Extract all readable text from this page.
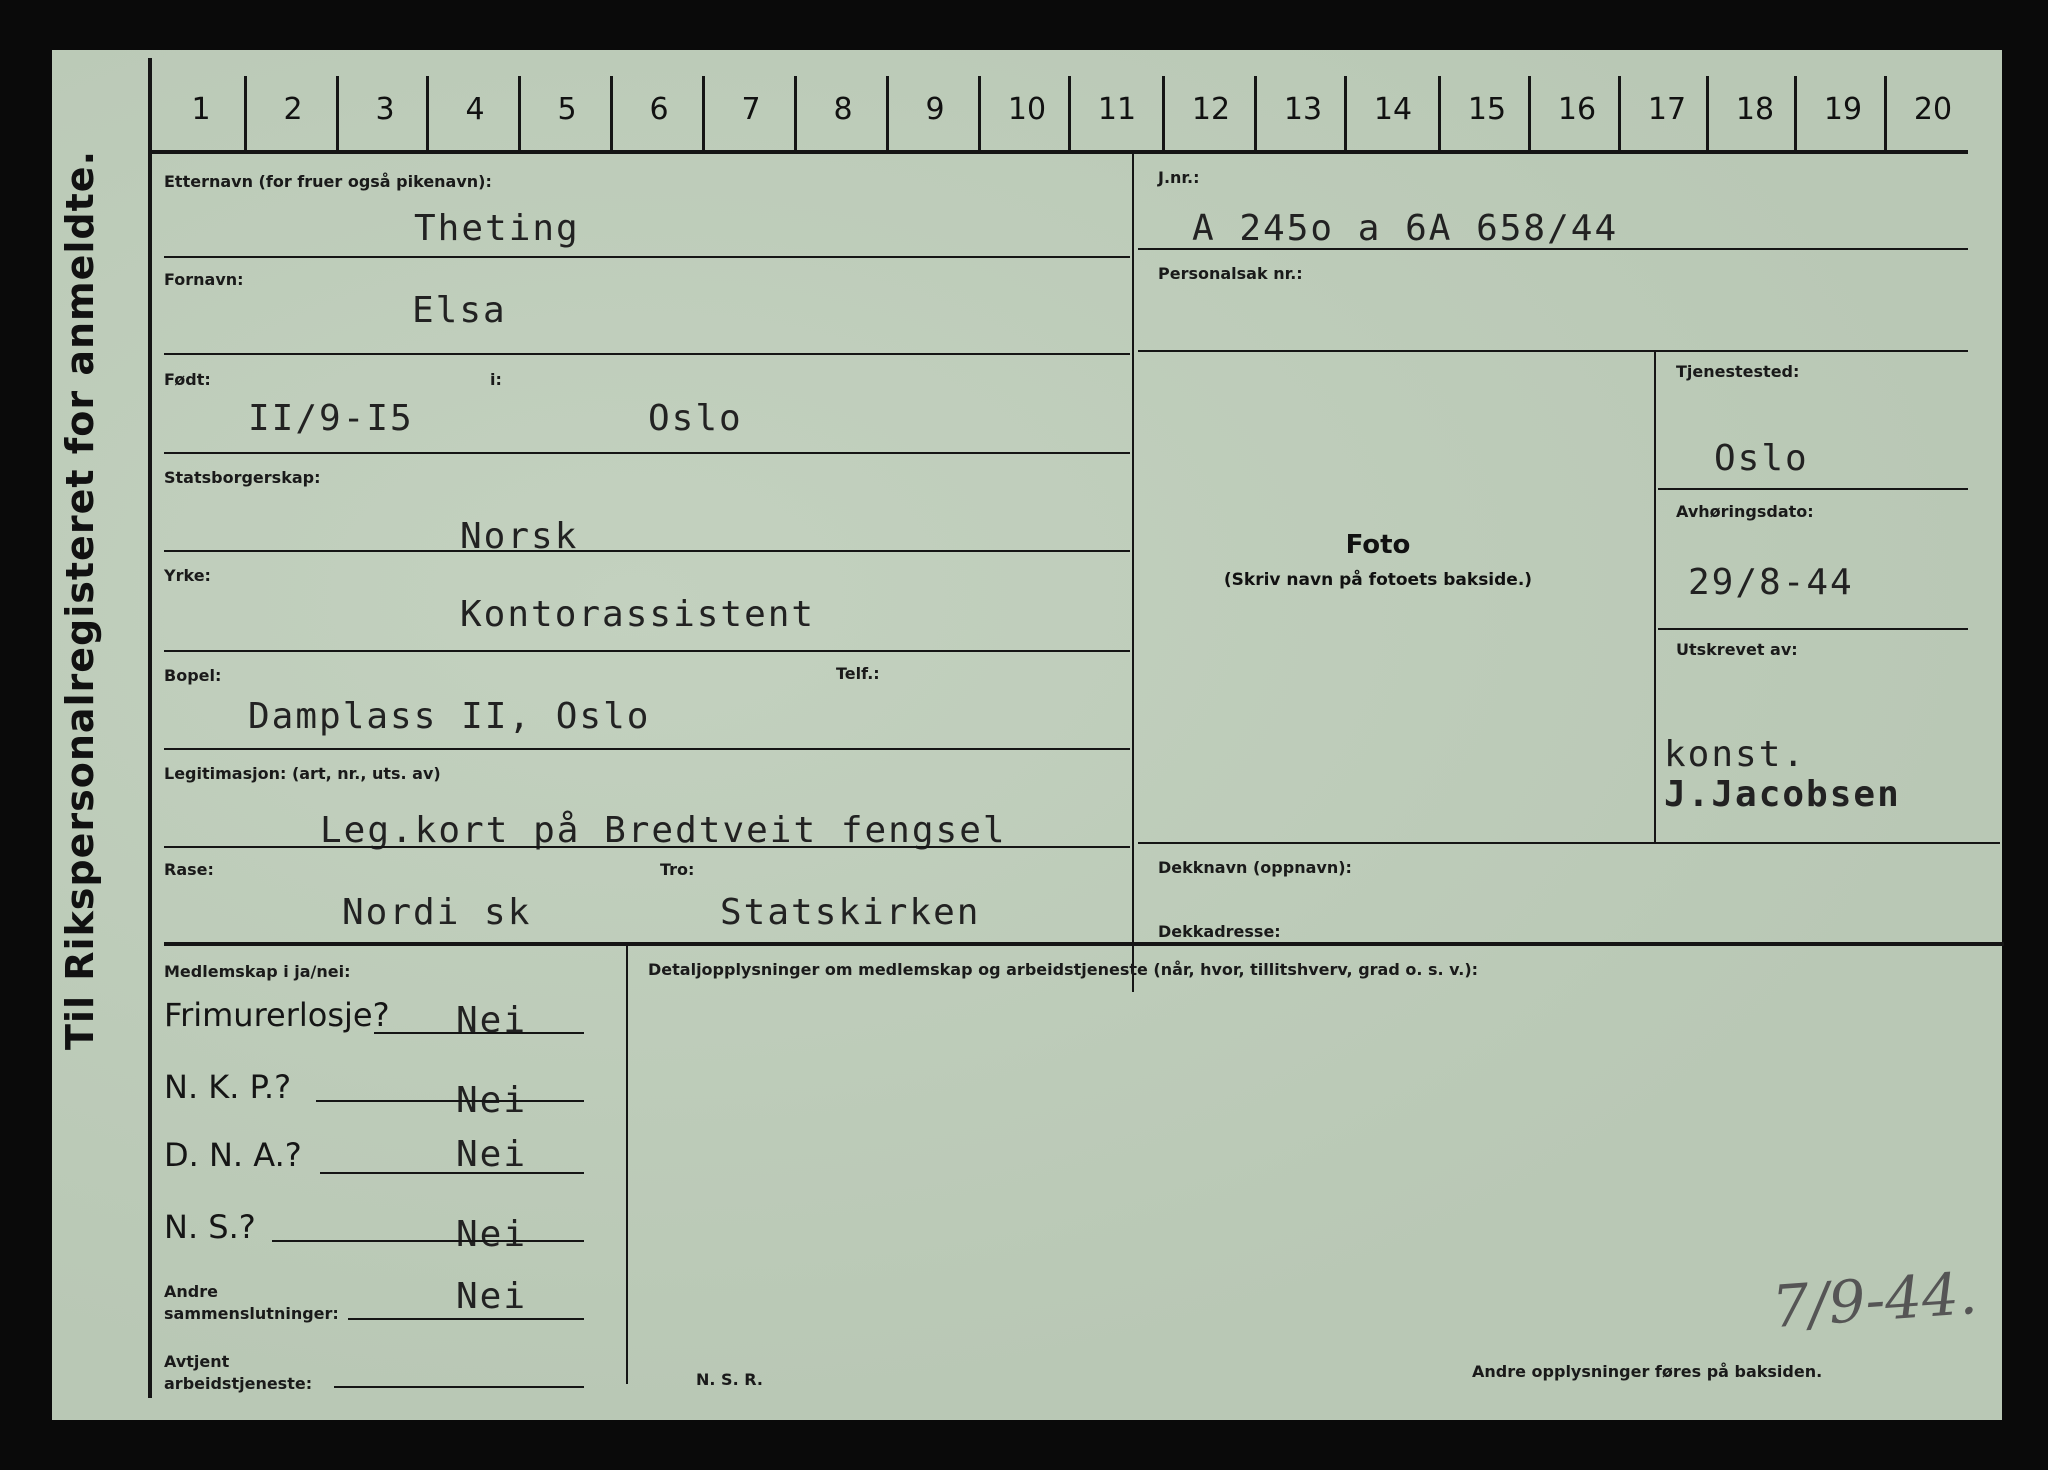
Til Rikspersonalregisteret for anmeldte.
1	2	3	4	5	6	7	8	9	10	11	12	13	14	15	16	17	18	19	20
Etternavn (for fruer også pikenavn):
Theting
Fornavn:
Elsa
Født:
II/9-I5
i:
Oslo
Statsborgerskap:
Norsk
Yrke:
Kontorassistent
Bopel:	Telf.:
Damplass II, Oslo
Legitimasjon: (art, nr., uts. av)
Leg.kort på Bredtveit fengsel
Rase:
Nordi sk
Tro:
Statskirken
J.nr.:
A 245o a 6A 658/44
Personalsak nr.:
Foto
(Skriv navn på fotoets bakside.)
Tjenestested:
Oslo
Avhøringsdato:
29/8-44
Utskrevet av:
konst.
J.Jacobsen
Dekknavn (oppnavn):
Dekkadresse:
Medlemskap i ja/nei:
Frimurerlosje? Nei
N. K. P.?	Nei
D. N. A.?	Nei
N. S.?	Nei
Andre
sammenslutninger:	Nei
Avtjent
arbeidstjeneste:
Detaljopplysninger om medlemskap og arbeidstjeneste (når, hvor, tillitshverv, grad o. s. v.):
7/9-44.
N. S. R.	Andre opplysninger føres på baksiden.
